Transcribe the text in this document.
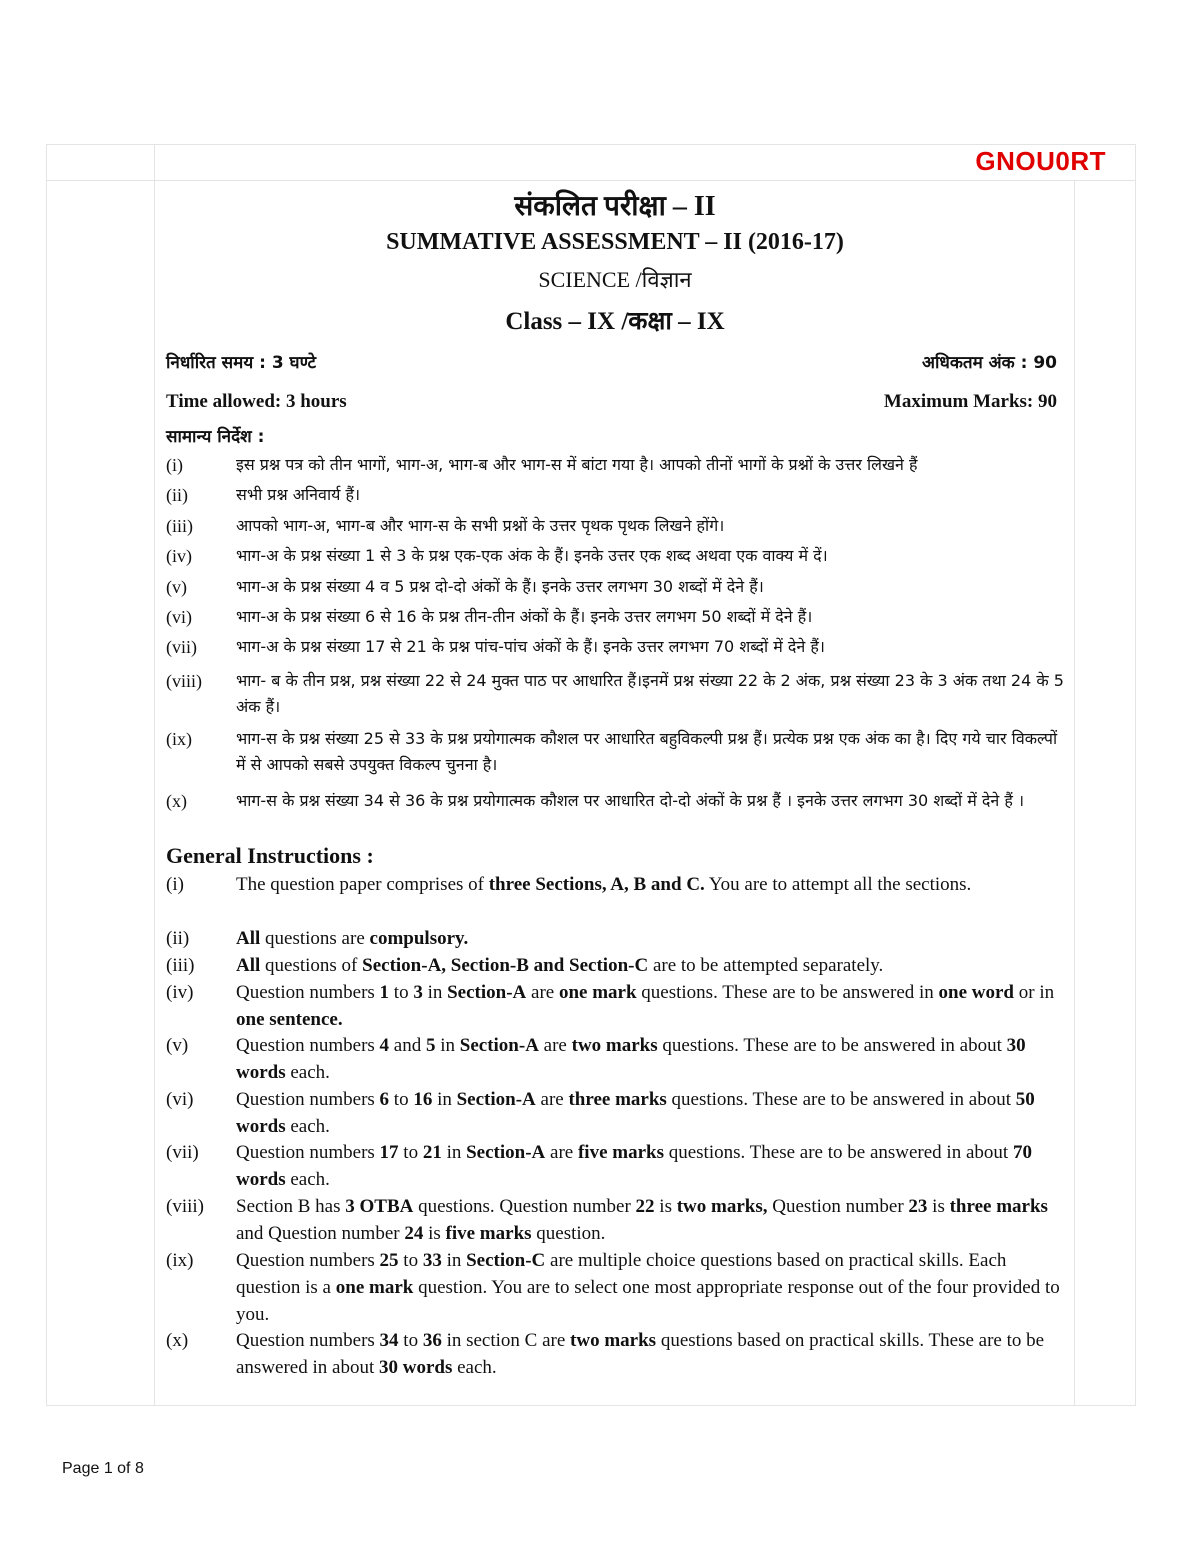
GNOU0RT
संकलित परीक्षा – II
SUMMATIVE ASSESSMENT – II (2016-17)
SCIENCE /विज्ञान
Class – IX /कक्षा – IX
निर्धारित समय : 3 घण्टे	अधिकतम अंक : 90
Time allowed: 3 hours	Maximum Marks: 90
सामान्य निर्देश :
(i)	इस प्रश्न पत्र को तीन भागों, भाग-अ, भाग-ब और भाग-स में बांटा गया है। आपको तीनों भागों के प्रश्नों के उत्तर लिखने हैं
(ii)	सभी प्रश्न अनिवार्य हैं।
(iii)	आपको भाग-अ, भाग-ब और भाग-स के सभी प्रश्नों के उत्तर पृथक पृथक लिखने होंगे।
(iv)	भाग-अ के प्रश्न संख्या 1 से 3 के प्रश्न एक-एक अंक के हैं। इनके उत्तर एक शब्द अथवा एक वाक्य में दें।
(v)	भाग-अ के प्रश्न संख्या 4 व 5 प्रश्न दो-दो अंकों के हैं। इनके उत्तर लगभग 30 शब्दों में देने हैं।
(vi)	भाग-अ के प्रश्न संख्या 6 से 16 के प्रश्न तीन-तीन अंकों के हैं। इनके उत्तर लगभग 50 शब्दों में देने हैं।
(vii)	भाग-अ के प्रश्न संख्या 17 से 21 के प्रश्न पांच-पांच अंकों के हैं। इनके उत्तर लगभग 70 शब्दों में देने हैं।
(viii)	भाग- ब के तीन प्रश्न, प्रश्न संख्या 22 से 24 मुक्त पाठ पर आधारित हैं।इनमें प्रश्न संख्या 22 के 2 अंक, प्रश्न संख्या 23 के 3 अंक तथा 24 के 5 अंक हैं।
(ix)	भाग-स के प्रश्न संख्या 25 से 33 के प्रश्न प्रयोगात्मक कौशल पर आधारित बहुविकल्पी प्रश्न हैं। प्रत्येक प्रश्न एक अंक का है। दिए गये चार विकल्पों में से आपको सबसे उपयुक्त विकल्प चुनना है।
(x)	भाग-स के प्रश्न संख्या 34 से 36 के प्रश्न प्रयोगात्मक कौशल पर आधारित दो-दो अंकों के प्रश्न हैं । इनके उत्तर लगभग 30 शब्दों में देने हैं ।
General Instructions :
(i)	The question paper comprises of three Sections, A, B and C. You are to attempt all the sections.
(ii)	All questions are compulsory.
(iii)	All questions of Section-A, Section-B and Section-C are to be attempted separately.
(iv)	Question numbers 1 to 3 in Section-A are one mark questions. These are to be answered in one word or in one sentence.
(v)	Question numbers 4 and 5 in Section-A are two marks questions. These are to be answered in about 30 words each.
(vi)	Question numbers 6 to 16 in Section-A are three marks questions. These are to be answered in about 50 words each.
(vii)	Question numbers 17 to 21 in Section-A are five marks questions. These are to be answered in about 70 words each.
(viii)	Section B has 3 OTBA questions. Question number 22 is two marks, Question number 23 is three marks and Question number 24 is five marks question.
(ix)	Question numbers 25 to 33 in Section-C are multiple choice questions based on practical skills. Each question is a one mark question. You are to select one most appropriate response out of the four provided to you.
(x)	Question numbers 34 to 36 in section C are two marks questions based on practical skills. These are to be answered in about 30 words each.
Page 1 of 8
